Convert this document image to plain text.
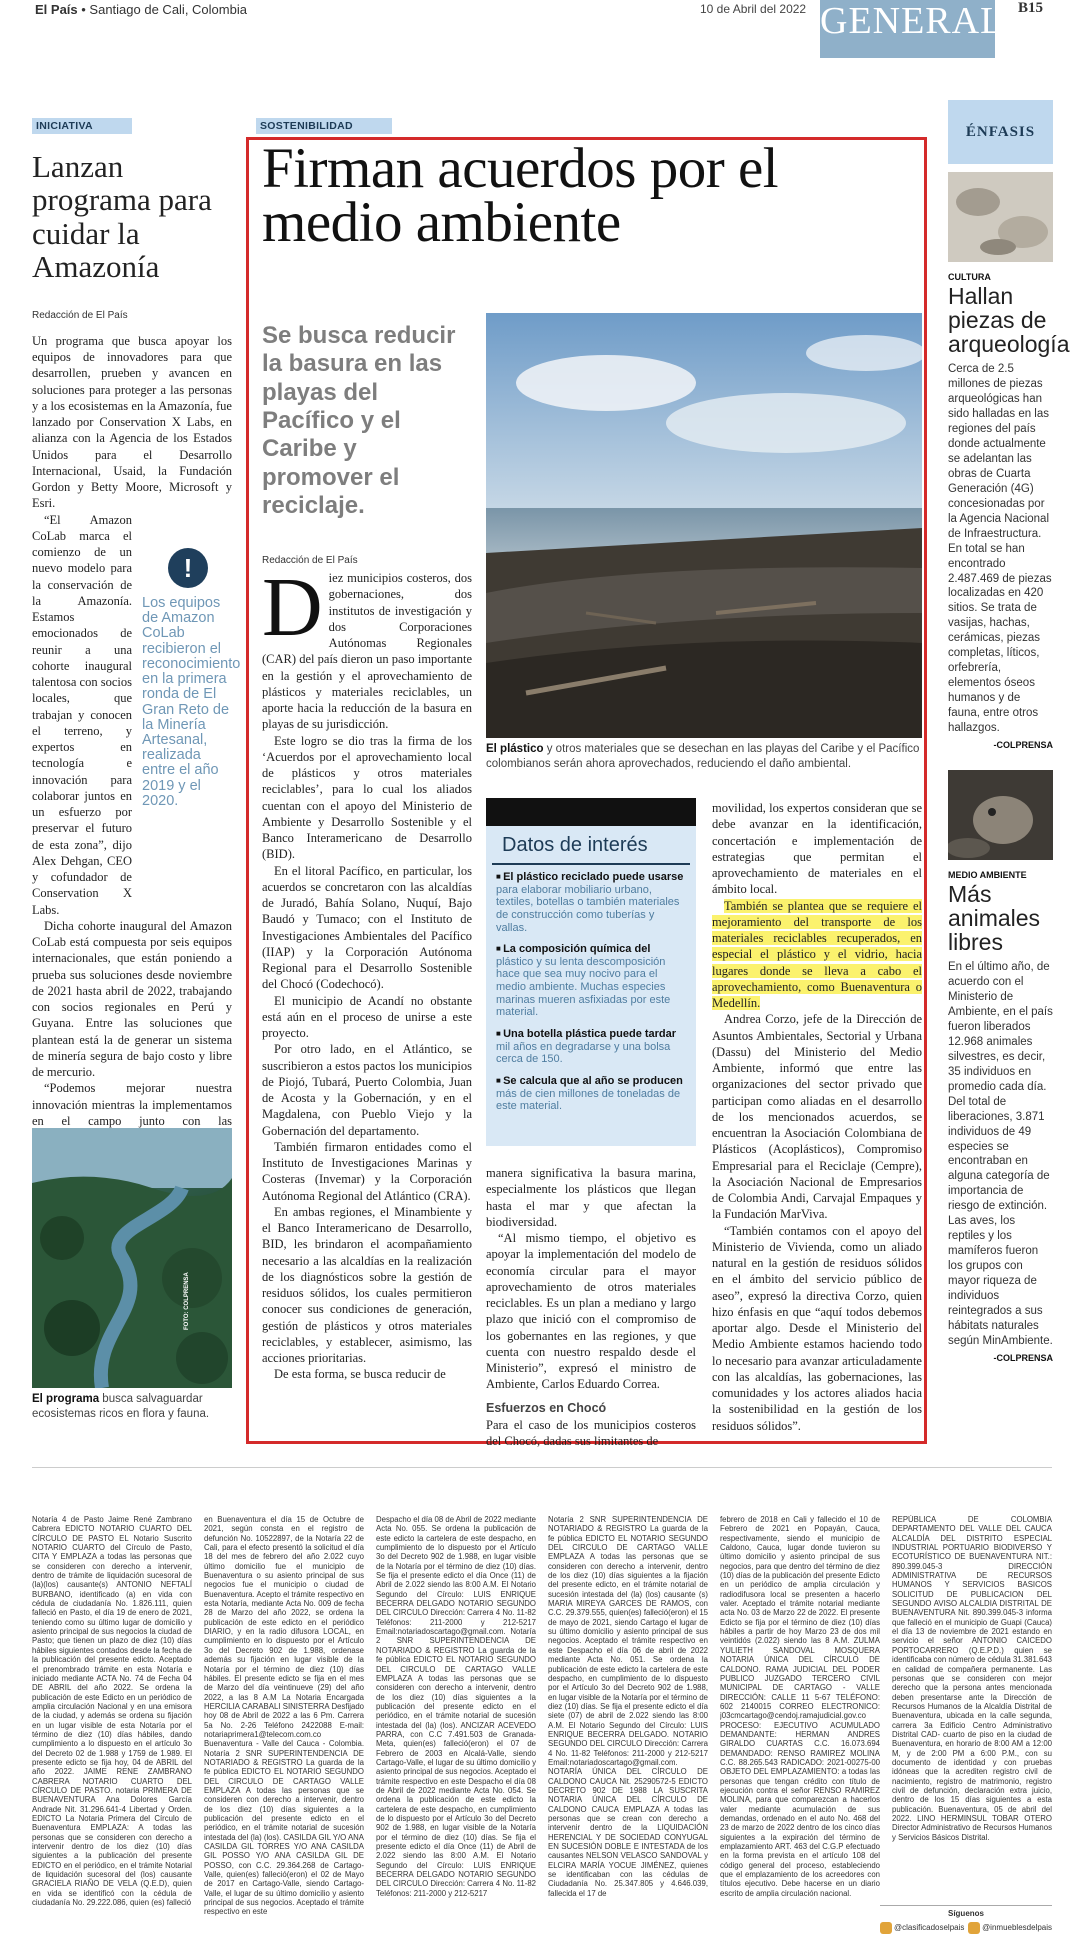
El País • Santiago de Cali, Colombia	10 de Abril del 2022 GENERAL B15
INICIATIVA
Lanzan programa para cuidar la Amazonía
Redacción de El País

Un programa que busca apoyar los equipos de innovadores para que desarrollen, prueben y avancen en soluciones para proteger a las personas y a los ecosistemas en la Amazonía, fue lanzado por Conservation X Labs, en alianza con la Agencia de los Estados Unidos para el Desarrollo Internacional, Usaid, la Fundación Gordon y Betty Moore, Microsoft y Esri.

“El Amazon CoLab marca el comienzo de un nuevo modelo para la conservación de la Amazonía. Estamos emocionados de reunir a una cohorte inaugural talentosa con socios locales, que trabajan y conocen el terreno, y expertos en tecnología e innovación para colaborar juntos en un esfuerzo por preservar el futuro de esta zona”, dijo Alex Dehgan, CEO y cofundador de Conservation X Labs.

Dicha cohorte inaugural del Amazon CoLab está compuesta por seis equipos internacionales, que están poniendo a prueba sus soluciones desde noviembre de 2021 hasta abril de 2022, trabajando con socios regionales en Perú y Guyana. Entre las soluciones que plantean está la de generar un sistema de minería segura de bajo costo y libre de mercurio.

“Podemos mejorar nuestra innovación mientras la implementamos en el campo junto con las

!
Los equipos de Amazon CoLab recibieron el reconocimiento en la primera ronda de El Gran Reto de la Minería Artesanal, realizada entre el año 2019 y el 2020.
FOTO: COLPRENSA
El programa busca salvaguardar ecosistemas ricos en flora y fauna.
SOSTENIBILIDAD
Firman acuerdos por el medio ambiente
Se busca reducir la basura en las playas del Pacífico y el Caribe y promover el reciclaje.
Redacción de El País
El plástico y otros materiales que se desechan en las playas del Caribe y el Pacífico colombianos serán ahora aprovechados, reduciendo el daño ambiental.

Diez municipios costeros, dos gobernaciones, dos institutos de investigación y dos Corporaciones Autónomas Regionales (CAR) del país dieron un paso importante en la gestión y el aprovechamiento de plásticos y materiales reciclables, un aporte hacia la reducción de la basura en playas de su jurisdicción.

Este logro se dio tras la firma de los ‘Acuerdos por el aprovechamiento local de plásticos y otros materiales reciclables’, para lo cual los aliados cuentan con el apoyo del Ministerio de Ambiente y Desarrollo Sostenible y el Banco Interamericano de Desarrollo (BID).

En el litoral Pacífico, en particular, los acuerdos se concretaron con las alcaldías de Juradó, Bahía Solano, Nuquí, Bajo Baudó y Tumaco; con el Instituto de Investigaciones Ambientales del Pacífico (IIAP) y la Corporación Autónoma Regional para el Desarrollo Sostenible del Chocó (Codechocó).

El municipio de Acandí no obstante está aún en el proceso de unirse a este proyecto.

Por otro lado, en el Atlántico, se suscribieron a estos pactos los municipios de Piojó, Tubará, Puerto Colombia, Juan de Acosta y la Gobernación, y en el Magdalena, con Pueblo Viejo y la Gobernación del departamento.

También firmaron entidades como el Instituto de Investigaciones Marinas y Costeras (Invemar) y la Corporación Autónoma Regional del Atlántico (CRA).

En ambas regiones, el Minambiente y el Banco Interamericano de Desarrollo, BID, les brindaron el acompañamiento necesario a las alcaldías en la realización de los diagnósticos sobre la gestión de residuos sólidos, los cuales permitieron conocer sus condiciones de generación, gestión de plásticos y otros materiales reciclables, y establecer, asimismo, las acciones prioritarias.

De esta forma, se busca reducir de

Datos de interés
■ El plástico reciclado puede usarse
para elaborar mobiliario urbano, textiles, botellas o también materiales de construcción como tuberías y vallas.
■ La composición química del
plástico y su lenta descomposición hace que sea muy nocivo para el medio ambiente. Muchas especies marinas mueren asfixiadas por este material.
■ Una botella plástica puede tardar
mil años en degradarse y una bolsa cerca de 150.
■ Se calcula que al año se producen
más de cien millones de toneladas de este material.

manera significativa la basura marina, especialmente los plásticos que llegan hasta el mar y que afectan la biodiversidad.

“Al mismo tiempo, el objetivo es apoyar la implementación del modelo de economía circular para el mayor aprovechamiento de otros materiales reciclables. Es un plan a mediano y largo plazo que inició con el compromiso de los gobernantes en las regiones, y que cuenta con nuestro respaldo desde el Ministerio”, expresó el ministro de Ambiente, Carlos Eduardo Correa.

Esfuerzos en Chocó

Para el caso de los municipios costeros del Chocó, dadas sus limitantes de

movilidad, los expertos consideran que se debe avanzar en la identificación, concertación e implementación de estrategias que permitan el aprovechamiento de materiales en el ámbito local.

También se plantea que se requiere el mejoramiento del transporte de los materiales reciclables recuperados, en especial el plástico y el vidrio, hacia lugares donde se lleva a cabo el aprovechamiento, como Buenaventura o Medellín.

Andrea Corzo, jefe de la Dirección de Asuntos Ambientales, Sectorial y Urbana (Dassu) del Ministerio del Medio Ambiente, informó que entre las organizaciones del sector privado que participan como aliadas en el desarrollo de los mencionados acuerdos, se encuentran la Asociación Colombiana de Plásticos (Acoplásticos), Compromiso Empresarial para el Reciclaje (Cempre), la Asociación Nacional de Empresarios de Colombia Andi, Carvajal Empaques y la Fundación MarViva.

“También contamos con el apoyo del Ministerio de Vivienda, como un aliado natural en la gestión de residuos sólidos en el ámbito del servicio público de aseo”, expresó la directiva Corzo, quien hizo énfasis en que “aquí todos debemos aportar algo. Desde el Ministerio del Medio Ambiente estamos haciendo todo lo necesario para avanzar articuladamente con las alcaldías, las gobernaciones, las comunidades y los actores aliados hacia la sostenibilidad en la gestión de los residuos sólidos”.

ÉNFASIS
CULTURA
Hallan piezas de arqueología
Cerca de 2.5 millones de piezas arqueológicas han sido halladas en las regiones del país donde actualmente se adelantan las obras de Cuarta Generación (4G) concesionadas por la Agencia Nacional de Infraestructura. En total se han encontrado 2.487.469 de piezas localizadas en 420 sitios. Se trata de vasijas, hachas, cerámicas, piezas completas, líticos, orfebrería, elementos óseos humanos y de fauna, entre otros hallazgos.
-COLPRENSA
MEDIO AMBIENTE
Más animales libres
En el último año, de acuerdo con el Ministerio de Ambiente, en el país fueron liberados 12.968 animales silvestres, es decir, 35 individuos en promedio cada día. Del total de liberaciones, 3.871 individuos de 49 especies se encontraban en alguna categoría de importancia de riesgo de extinción. Las aves, los reptiles y los mamíferos fueron los grupos con mayor riqueza de individuos reintegrados a sus hábitats naturales según MinAmbiente.
-COLPRENSA

Notaría 4 de Pasto Jaime René Zambrano Cabrera EDICTO NOTARIO CUARTO DEL CÍRCULO DE PASTO EL Notario Suscrito NOTARIO CUARTO del Círculo de Pasto, CITA Y EMPLAZA a todas las personas que se consideren con derecho a intervenir, dentro de trámite de liquidación sucesoral de (la)(los) causante(s) ANTONIO NEFTALÍ BURBANO, identificado (a) en vida con cédula de ciudadanía No. 1.826.111, quien falleció en Pasto, el día 19 de enero de 2021, teniendo como su último lugar de domicilio y asiento principal de sus negocios la ciudad de Pasto; que tienen un plazo de diez (10) días hábiles siguientes contados desde la fecha de la publicación del presente edicto. Aceptado el prenombrado trámite en esta Notaría e iniciado mediante ACTA No. 74 de Fecha 04 DE ABRIL del año 2022. Se ordena la publicación de este Edicto en un periódico de amplia circulación Nacional y en una emisora de la ciudad, y además se ordena su fijación en un lugar visible de esta Notaría por el término de diez (10) días hábiles, dando cumplimiento a lo dispuesto en el artículo 3o del Decreto 02 de 1.988 y 1759 de 1.989. El presente edicto se fija hoy, 04 de ABRIL del año 2022. JAIME RENE ZAMBRANO CABRERA NOTARIO CUARTO DEL CÍRCULO DE PASTO. notaria PRIMERA DE BUENAVENTURA Ana Dolores García Andrade Nit. 31.296.641-4 Libertad y Orden. EDICTO La Notaria Primera del Círculo de Buenaventura EMPLAZA: A todas las personas que se consideren con derecho a intervenir dentro de los diez (10) días siguientes a la publicación del presente EDICTO en el periódico, en el trámite Notarial de liquidación sucesoral del (los) causante GRACIELA RIAÑO DE VELA (Q.E.D), quien en vida se identificó con la cédula de ciudadanía No. 29.222.086, quien (es) falleció

en Buenaventura el día 15 de Octubre de 2021, según consta en el registro de defunción No. 10522897, de la Notaría 22 de Cali, para el efecto presentó la solicitud el día 18 del mes de febrero del año 2.022 cuyo último domicilio fue el municipio de Buenaventura o su asiento principal de sus negocios fue el municipio o ciudad de Buenaventura. Acepto el trámite respectivo en esta Notaría, mediante Acta No. 009 de fecha 28 de Marzo del año 2022, se ordena la publicación de este edicto en el periódico DIARIO, y en la radio difusora LOCAL, en cumplimiento en lo dispuesto por el Artículo 3o del Decreto 902 de 1.988, ordenase además su fijación en lugar visible de la Notaría por el término de diez (10) días hábiles. El presente edicto se fija en el mes de Marzo del día veintinueve (29) del año 2022, a las 8 A.M La Notaria Encargada HERCILIA CARABALI SINISTERRA Desfijado hoy 08 de Abril de 2022 a las 6 Pm. Carrera 5a No. 2-26 Teléfono 2422088 E-mail: notariaprimera1@telecom.com.co Buenaventura - Valle del Cauca - Colombia. Notaría 2 SNR SUPERINTENDENCIA DE NOTARIADO & REGISTRO La guarda de la fe pública EDICTO EL NOTARIO SEGUNDO DEL CIRCULO DE CARTAGO VALLE EMPLAZA A todas las personas que se consideren con derecho a intervenir, dentro de los diez (10) días siguientes a la publicación del presente edicto en el periódico, en el trámite notarial de sucesión intestada del (la) (los). CASILDA GIL Y/O ANA CASILDA GIL TORRES Y/O ANA CASILDA GIL POSSO Y/O ANA CASILDA GIL DE POSSO, con C.C. 29.364.268 de Cartago-Valle, quien(es) falleció(eron) el 02 de Mayo de 2017 en Cartago-Valle, siendo Cartago-Valle, el lugar de su último domicilio y asiento principal de sus negocios. Aceptado el trámite respectivo en este

Despacho el día 08 de Abril de 2022 mediante Acta No. 055. Se ordena la publicación de este edicto la cartelera de este despacho, en cumplimiento de lo dispuesto por el Artículo 3o del Decreto 902 de 1.988, en lugar visible de la Notaría por el término de diez (10) días. Se fija el presente edicto el día Once (11) de Abril de 2.022 siendo las 8:00 A.M. El Notario Segundo del Círculo: LUIS ENRIQUE BECERRA DELGADO NOTARIO SEGUNDO DEL CIRCULO Dirección: Carrera 4 No. 11-82 Teléfonos: 211-2000 y 212-5217 Email:notariadoscartago@gmail.com. Notaría 2 SNR SUPERINTENDENCIA DE NOTARIADO & REGISTRO La guarda de la fe pública EDICTO EL NOTARIO SEGUNDO DEL CIRCULO DE CARTAGO VALLE EMPLAZA A todas las personas que se consideren con derecho a intervenir, dentro de los diez (10) días siguientes a la publicación del presente edicto en el periódico, en el trámite notarial de sucesión intestada del (la) (los). ANCIZAR ACEVEDO PARRA, con C.C 7.491.503 de Granada-Meta, quien(es) falleció(eron) el 07 de Febrero de 2003 en Alcalá-Valle, siendo Cartago-Valle, el lugar de su último domicilio y asiento principal de sus negocios. Aceptado el trámite respectivo en este Despacho el día 08 de Abril de 2022 mediante Acta No. 054. Se ordena la publicación de este edicto la cartelera de este despacho, en cumplimiento de lo dispuesto por el Artículo 3o del Decreto 902 de 1.988, en lugar visible de la Notaría por el término de diez (10) días. Se fija el presente edicto el día Once (11) de Abril de 2.022 siendo las 8:00 A.M. El Notario Segundo del Círculo: LUIS ENRIQUE BECERRA DELGADO NOTARIO SEGUNDO DEL CIRCULO Dirección: Carrera 4 No. 11-82 Teléfonos: 211-2000 y 212-5217

Notaría 2 SNR SUPERINTENDENCIA DE NOTARIADO & REGISTRO La guarda de la fe pública EDICTO EL NOTARIO SEGUNDO DEL CIRCULO DE CARTAGO VALLE EMPLAZA A todas las personas que se consideren con derecho a intervenir, dentro de los diez (10) días siguientes a la fijación del presente edicto, en el trámite notarial de sucesión intestada del (la) (los) causante (s) MARIA MIREYA GARCES DE RAMOS, con C.C. 29.379.555, quien(es) falleció(eron) el 15 de mayo de 2021, siendo Cartago el lugar de su último domicilio y asiento principal de sus negocios. Aceptado el trámite respectivo en este Despacho el día 06 de abril de 2022 mediante Acta No. 051. Se ordena la publicación de este edicto la cartelera de este despacho, en cumplimiento de lo dispuesto por el Artículo 3o del Decreto 902 de 1.988, en lugar visible de la Notaría por el término de diez (10) días. Se fija el presente edicto el día siete (07) de abril de 2.022 siendo las 8:00 A.M. El Notario Segundo del Círculo: LUIS ENRIQUE BECERRA DELGADO. NOTARIO SEGUNDO DEL CIRCULO Dirección: Carrera 4 No. 11-82 Teléfonos: 211-2000 y 212-5217 Email:notariadoscartago@gmail.com. NOTARÍA ÚNICA DEL CÍRCULO DE CALDONO CAUCA Nit. 25290572-5 EDICTO DECRETO 902 DE 1988 LA SUSCRITA NOTARIA ÚNICA DEL CÍRCULO DE CALDONO CAUCA EMPLAZA A todas las personas que se crean con derecho a intervenir dentro de la LIQUIDACIÓN HERENCIAL Y DE SOCIEDAD CONYUGAL EN SUCESIÓN DOBLE E INTESTADA de los causantes NELSON VELASCO SANDOVAL y ELCIRA MARÍA YOCUE JIMÉNEZ, quienes se identificaban con las cédulas de Ciudadanía No. 25.347.805 y 4.646.039, fallecida el 17 de

febrero de 2018 en Cali y fallecido el 10 de Febrero de 2021 en Popayán, Cauca, respectivamente, siendo el municipio de Caldono, Cauca, lugar donde tuvieron su último domicilio y asiento principal de sus negocios, para que dentro del término de diez (10) días de la publicación del presente Edicto en un periódico de amplia circulación y radiodifusora local se presenten a hacerlo valer. Aceptado el trámite notarial mediante acta No. 03 de Marzo 22 de 2022. El presente Edicto se fija por el término de diez (10) días hábiles a partir de hoy Marzo 23 de dos mil veintidós (2.022) siendo las 8 A.M. ZULMA YULIETH SANDOVAL MOSQUERA NOTARIA ÚNICA DEL CÍRCULO DE CALDONO. RAMA JUDICIAL DEL PODER PUBLICO JUZGADO TERCERO CIVIL MUNICIPAL DE CARTAGO - VALLE DIRECCIÓN: CALLE 11 5-67 TELÉFONO: 602 2140015 CORREO ELECTRONICO: j03cmcartago@cendoj.ramajudicial.gov.co PROCESO: EJECUTIVO ACUMULADO DEMANDANTE: HERMAN ANDRES GIRALDO CUARTAS C.C. 16.073.694 DEMANDADO: RENSO RAMIREZ MOLINA C.C. 88.265.543 RADICADO: 2021-00275-00 OBJETO DEL EMPLAZAMIENTO: a todas las personas que tengan crédito con título de ejecución contra el señor RENSO RAMIREZ MOLINA, para que comparezcan a hacerlos valer mediante acumulación de sus demandas, ordenado en el auto No. 468 del 23 de marzo de 2022 dentro de los cinco días siguientes a la expiración del término de emplazamiento ART. 463 del C.G.P efectuado en la forma prevista en el artículo 108 del código general del proceso, estableciendo que el emplazamiento de los acreedores con títulos ejecutivo. Debe hacerse en un diario escrito de amplia circulación nacional.

REPÚBLICA DE COLOMBIA DEPARTAMENTO DEL VALLE DEL CAUCA ALCALDÍA DEL DISTRITO ESPECIAL INDUSTRIAL PORTUARIO BIODIVERSO Y ECOTURÍSTICO DE BUENAVENTURA NIT.: 890.399.045-3 DIRECCIÓN ADMINISTRATIVA DE RECURSOS HUMANOS Y SERVICIOS BASICOS SOLICITUD DE PUBLICACION DEL SEGUNDO AVISO ALCALDIA DISTRITAL DE BUENAVENTURA Nit. 890.399.045-3 informa que falleció en el municipio de Guapi (Cauca) el día 13 de noviembre de 2021 estando en servicio el señor ANTONIO CAICEDO PORTOCARRERO (Q.E.P.D.) quien se identificaba con número de cédula 31.381.643 en calidad de compañera permanente. Las personas que se consideren con mejor derecho que la persona antes mencionada deben presentarse ante la Dirección de Recursos Humanos de la Alcaldía Distrital de Buenaventura, ubicada en la calle segunda, carrera 3a Edificio Centro Administrativo Distrital CAD- cuarto de piso en la ciudad de Buenaventura, en horario de 8:00 AM a 12:00 M, y de 2:00 PM a 6:00 P.M., con su documento de identidad y con pruebas idóneas que la acrediten registro civil de nacimiento, registro de matrimonio, registro civil de defunción, declaración extra juicio, dentro de los 15 días siguientes a esta publicación. Buenaventura, 05 de abril del 2022. LINO HERMINSUL TOBAR OTERO Director Administrativo de Recursos Humanos y Servicios Básicos Distrital.

Síguenos
@clasificadoselpais	@inmueblesdelpais
